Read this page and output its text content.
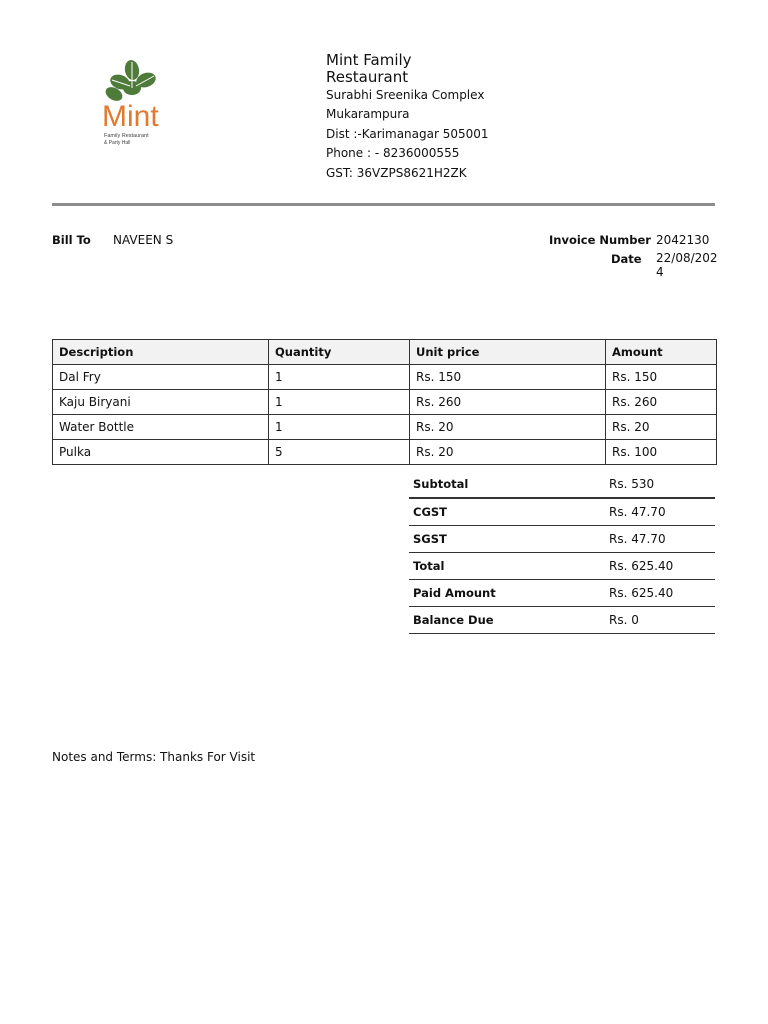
Mint
Family Restaurant
& Party Hall
Mint Family
Restaurant
Surabhi Sreenika Complex
Mukarampura
Dist :-Karimanagar 505001
Phone : - 8236000555
GST: 36VZPS8621H2ZK
Bill To NAVEEN S	Invoice Number 2042130
Date 22/08/2024
Description	Quantity	Unit price	Amount
Dal Fry	1	Rs. 150	Rs. 150
Kaju Biryani	1	Rs. 260	Rs. 260
Water Bottle	1	Rs. 20	Rs. 20
Pulka	5	Rs. 20	Rs. 100
Subtotal	Rs. 530
CGST	Rs. 47.70
SGST	Rs. 47.70
Total	Rs. 625.40
Paid Amount	Rs. 625.40
Balance Due	Rs. 0
Notes and Terms: Thanks For Visit
